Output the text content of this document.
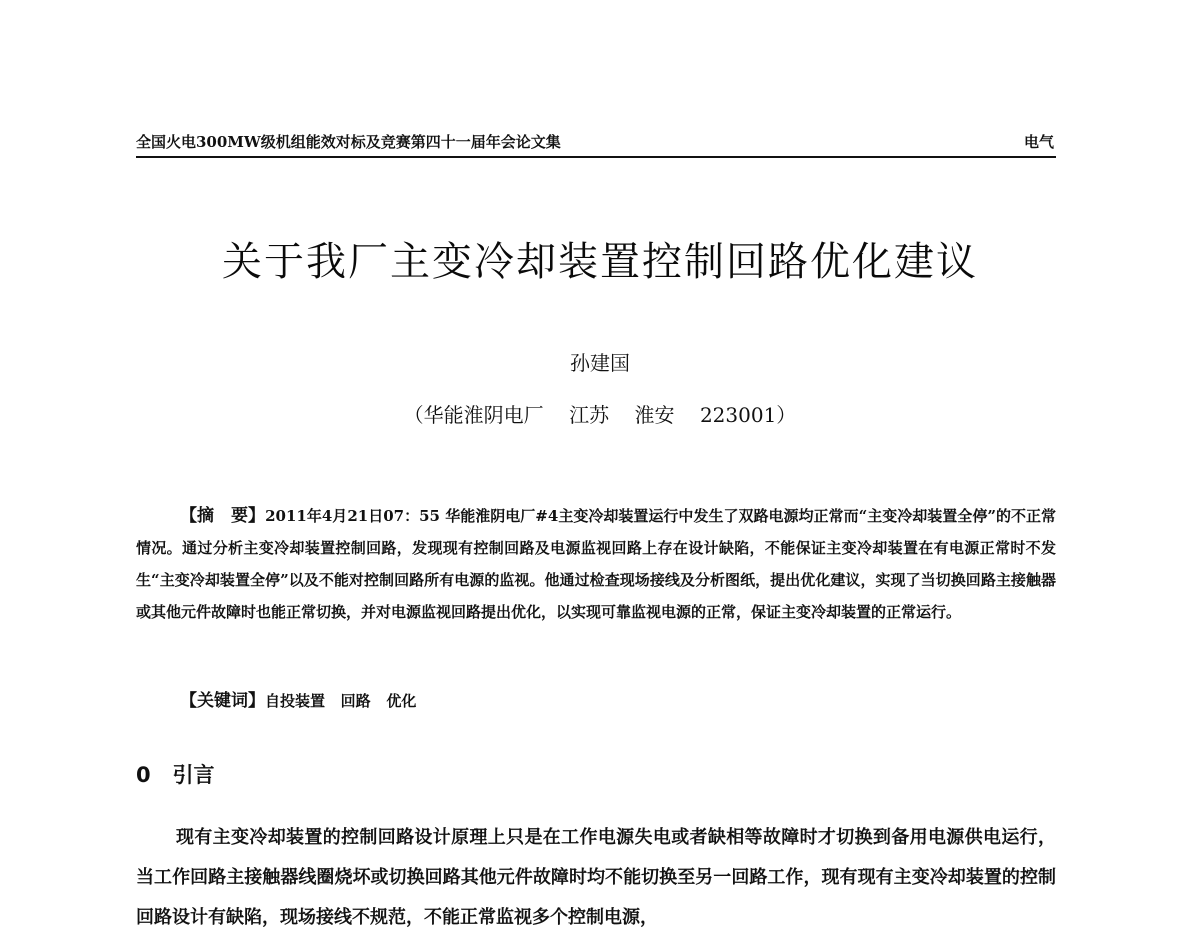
全国火电300MW级机组能效对标及竞赛第四十一届年会论文集	电气
关于我厂主变冷却装置控制回路优化建议
孙建国
（华能淮阴电厂    江苏    淮安    223001）
【摘　要】2011年4月21日07：55 华能淮阴电厂#4主变冷却装置运行中发生了双路电源均正常而“主变冷却装置全停”的不正常情况。通过分析主变冷却装置控制回路，发现现有控制回路及电源监视回路上存在设计缺陷，不能保证主变冷却装置在有电源正常时不发生“主变冷却装置全停”以及不能对控制回路所有电源的监视。他通过检查现场接线及分析图纸，提出优化建议，实现了当切换回路主接触器或其他元件故障时也能正常切换，并对电源监视回路提出优化，以实现可靠监视电源的正常，保证主变冷却装置的正常运行。
【关键词】自投装置   回路   优化
0   引言
现有主变冷却装置的控制回路设计原理上只是在工作电源失电或者缺相等故障时才切换到备用电源供电运行，当工作回路主接触器线圈烧坏或切换回路其他元件故障时均不能切换至另一回路工作，现有现有主变冷却装置的控制回路设计有缺陷，现场接线不规范，不能正常监视多个控制电源，
